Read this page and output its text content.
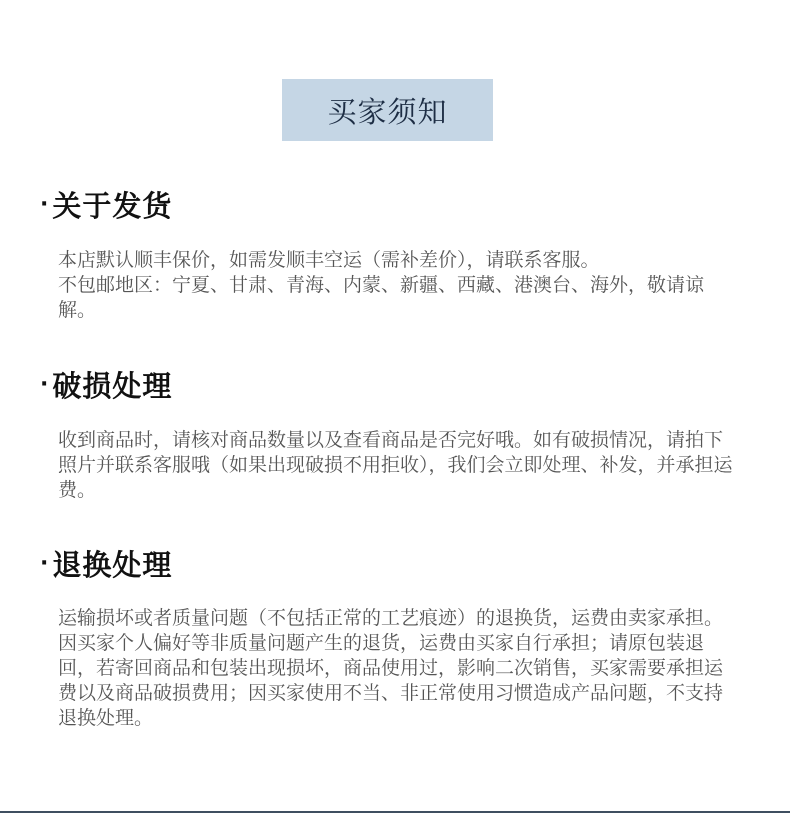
买家须知
· 关于发货

本店默认顺丰保价，如需发顺丰空运（需补差价），请联系客服。

不包邮地区：宁夏、甘肃、青海、内蒙、新疆、西藏、港澳台、海外，敬请谅解。

· 破损处理

收到商品时，请核对商品数量以及查看商品是否完好哦。如有破损情况，请拍下照片并联系客服哦（如果出现破损不用拒收），我们会立即处理、补发，并承担运费。

· 退换处理

运输损坏或者质量问题（不包括正常的工艺痕迹）的退换货，运费由卖家承担。

因买家个人偏好等非质量问题产生的退货，运费由买家自行承担；请原包装退回，若寄回商品和包装出现损坏，商品使用过，影响二次销售，买家需要承担运费以及商品破损费用；因买家使用不当、非正常使用习惯造成产品问题，不支持退换处理。
